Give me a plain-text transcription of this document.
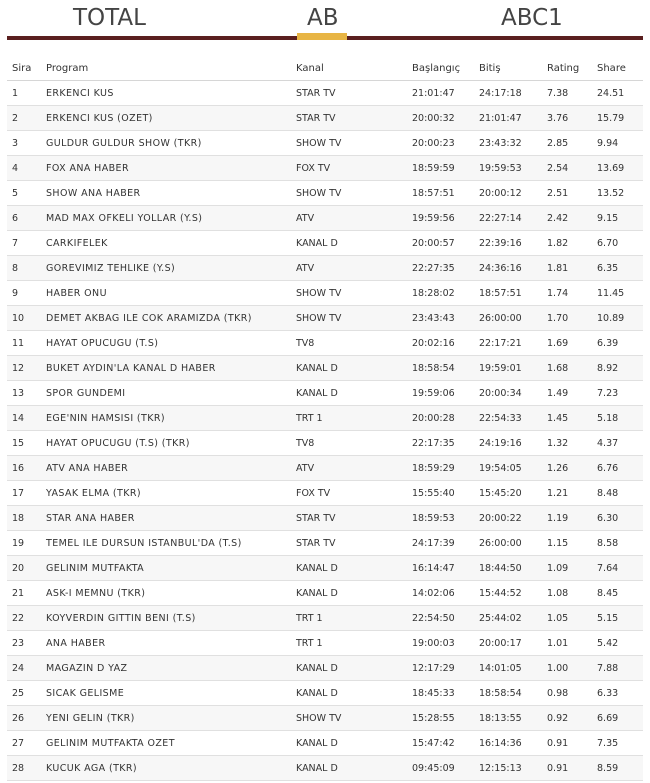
TOTAL	AB	ABC1
Sira	Program	Kanal	Başlangıç	Bitiş	Rating	Share
1	ERKENCI KUS	STAR TV	21:01:47	24:17:18	7.38	24.51
2	ERKENCI KUS (OZET)	STAR TV	20:00:32	21:01:47	3.76	15.79
3	GULDUR GULDUR SHOW (TKR)	SHOW TV	20:00:23	23:43:32	2.85	9.94
4	FOX ANA HABER	FOX TV	18:59:59	19:59:53	2.54	13.69
5	SHOW ANA HABER	SHOW TV	18:57:51	20:00:12	2.51	13.52
6	MAD MAX OFKELI YOLLAR (Y.S)	ATV	19:59:56	22:27:14	2.42	9.15
7	CARKIFELEK	KANAL D	20:00:57	22:39:16	1.82	6.70
8	GOREVIMIZ TEHLIKE (Y.S)	ATV	22:27:35	24:36:16	1.81	6.35
9	HABER ONU	SHOW TV	18:28:02	18:57:51	1.74	11.45
10	DEMET AKBAG ILE COK ARAMIZDA (TKR)	SHOW TV	23:43:43	26:00:00	1.70	10.89
11	HAYAT OPUCUGU (T.S)	TV8	20:02:16	22:17:21	1.69	6.39
12	BUKET AYDIN'LA KANAL D HABER	KANAL D	18:58:54	19:59:01	1.68	8.92
13	SPOR GUNDEMI	KANAL D	19:59:06	20:00:34	1.49	7.23
14	EGE'NIN HAMSISI (TKR)	TRT 1	20:00:28	22:54:33	1.45	5.18
15	HAYAT OPUCUGU (T.S) (TKR)	TV8	22:17:35	24:19:16	1.32	4.37
16	ATV ANA HABER	ATV	18:59:29	19:54:05	1.26	6.76
17	YASAK ELMA (TKR)	FOX TV	15:55:40	15:45:20	1.21	8.48
18	STAR ANA HABER	STAR TV	18:59:53	20:00:22	1.19	6.30
19	TEMEL ILE DURSUN ISTANBUL'DA (T.S)	STAR TV	24:17:39	26:00:00	1.15	8.58
20	GELINIM MUTFAKTA	KANAL D	16:14:47	18:44:50	1.09	7.64
21	ASK-I MEMNU (TKR)	KANAL D	14:02:06	15:44:52	1.08	8.45
22	KOYVERDIN GITTIN BENI (T.S)	TRT 1	22:54:50	25:44:02	1.05	5.15
23	ANA HABER	TRT 1	19:00:03	20:00:17	1.01	5.42
24	MAGAZIN D YAZ	KANAL D	12:17:29	14:01:05	1.00	7.88
25	SICAK GELISME	KANAL D	18:45:33	18:58:54	0.98	6.33
26	YENI GELIN (TKR)	SHOW TV	15:28:55	18:13:55	0.92	6.69
27	GELINIM MUTFAKTA OZET	KANAL D	15:47:42	16:14:36	0.91	7.35
28	KUCUK AGA (TKR)	KANAL D	09:45:09	12:15:13	0.91	8.59
